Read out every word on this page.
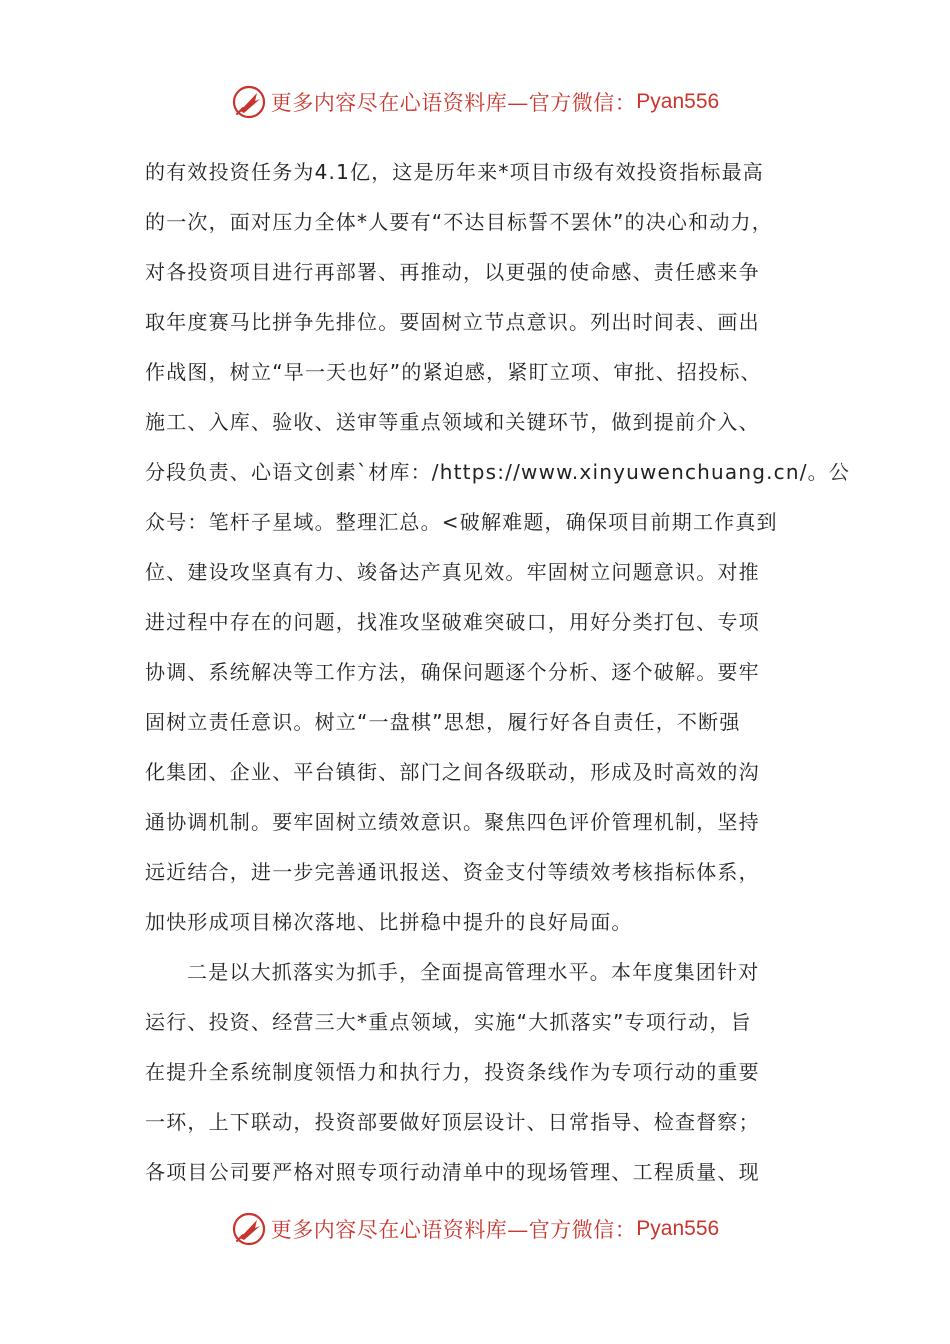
更多内容尽在心语资料库—官方微信： Pyan556
的有效投资任务为4.1亿，这是历年来*项目市级有效投资指标最高
的一次，面对压力全体*人要有“不达目标誓不罢休”的决心和动力，
对各投资项目进行再部署、再推动，以更强的使命感、责任感来争
取年度赛马比拼争先排位。要固树立节点意识。列出时间表、画出
作战图，树立“早一天也好”的紧迫感，紧盯立项、审批、招投标、
施工、入库、验收、送审等重点领域和关键环节，做到提前介入、
分段负责、心语文创素`材库：/https://www.xinyuwenchuang.cn/。公
众号：笔杆子星域。整理汇总。<破解难题，确保项目前期工作真到
位、建设攻坚真有力、竣备达产真见效。牢固树立问题意识。对推
进过程中存在的问题，找准攻坚破难突破口，用好分类打包、专项
协调、系统解决等工作方法，确保问题逐个分析、逐个破解。要牢
固树立责任意识。树立“一盘棋”思想，履行好各自责任，不断强
化集团、企业、平台镇街、部门之间各级联动，形成及时高效的沟
通协调机制。要牢固树立绩效意识。聚焦四色评价管理机制，坚持
远近结合，进一步完善通讯报送、资金支付等绩效考核指标体系，
加快形成项目梯次落地、比拼稳中提升的良好局面。
二是以大抓落实为抓手，全面提高管理水平。本年度集团针对
运行、投资、经营三大*重点领域，实施“大抓落实”专项行动，旨
在提升全系统制度领悟力和执行力，投资条线作为专项行动的重要
一环，上下联动，投资部要做好顶层设计、日常指导、检查督察；
各项目公司要严格对照专项行动清单中的现场管理、工程质量、现
更多内容尽在心语资料库—官方微信： Pyan556
